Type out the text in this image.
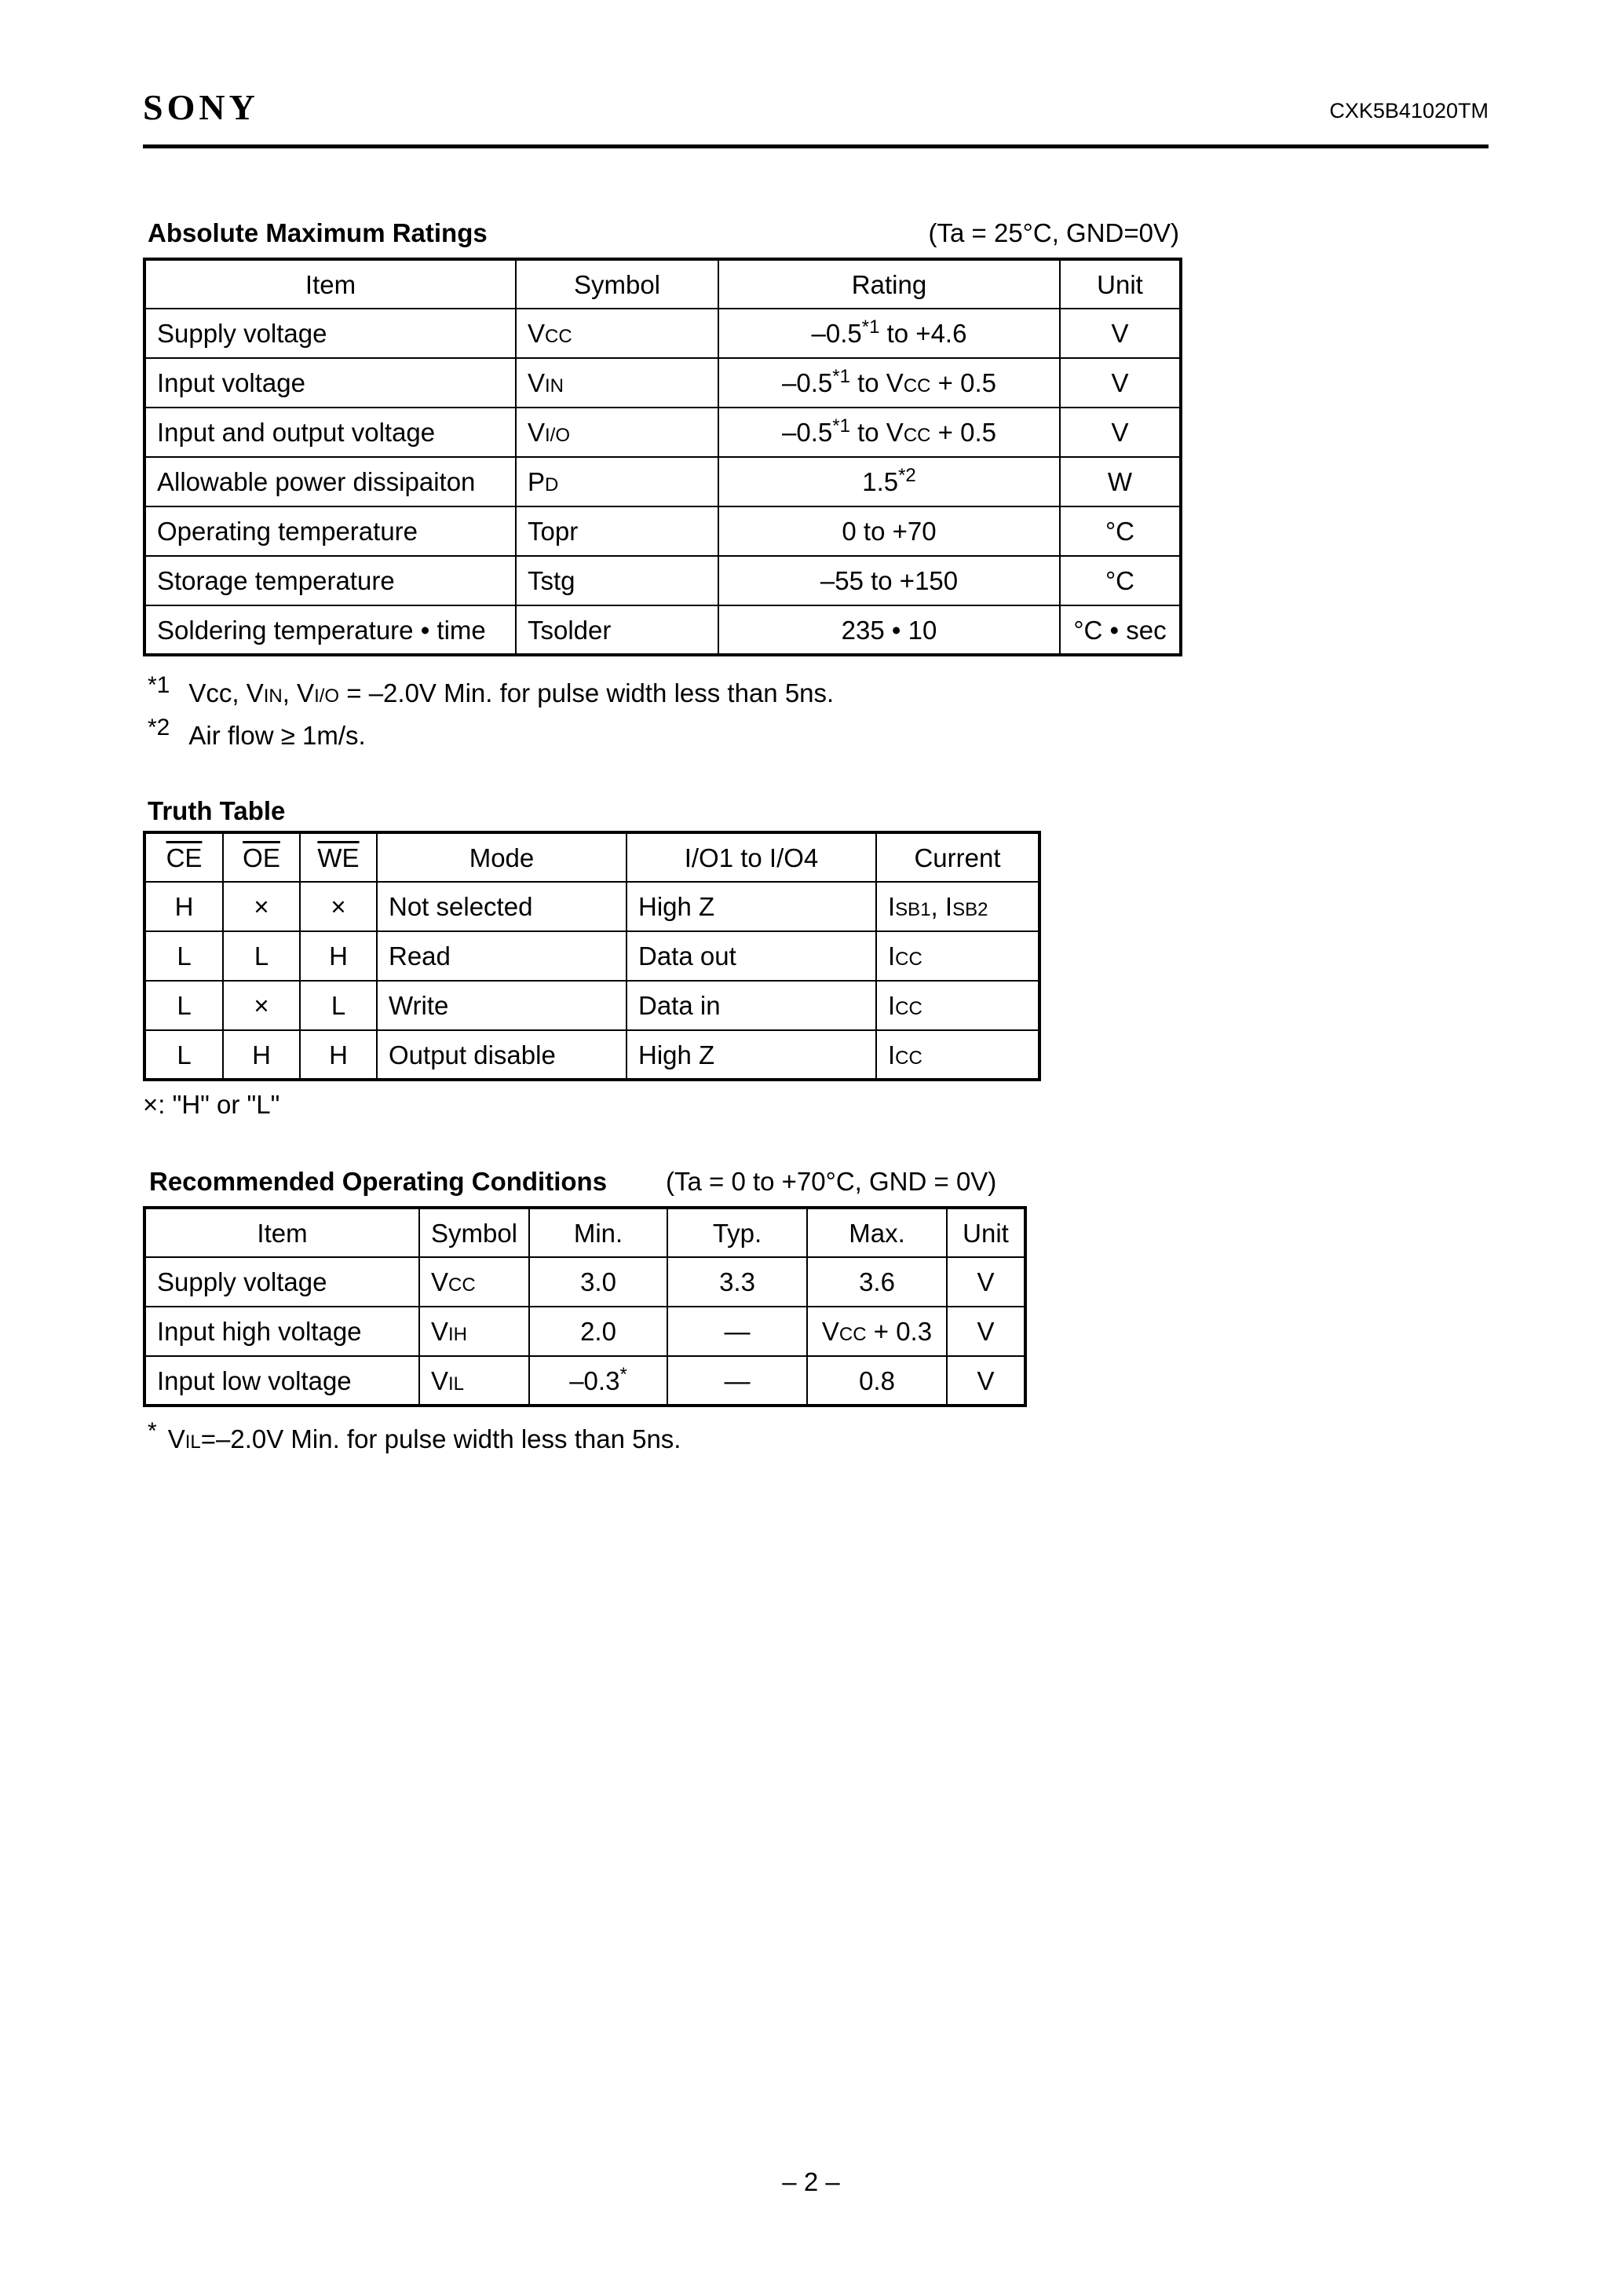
SONY	CXK5B41020TM
Absolute Maximum Ratings	(Ta = 25°C, GND=0V)
Item	Symbol	Rating	Unit
Supply voltage	VCC	–0.5$^{*1}$ to +4.6	V
Input voltage	VIN	–0.5$^{*1}$ to VCC + 0.5	V
Input and output voltage	VI/O	–0.5$^{*1}$ to VCC + 0.5	V
Allowable power dissipaiton	PD	1.5$^{*2}$	W
Operating temperature	Topr	0 to +70	°C
Storage temperature	Tstg	–55 to +150	°C
Soldering temperature • time	Tsolder	235 • 10	°C • sec
*1 Vcc, VIN, VI/O = –2.0V Min. for pulse width less than 5ns.
*2 Air flow ≥ 1m/s.
Truth Table
$\overline{CE}$	$\overline{OE}$	$\overline{WE}$	Mode	I/O1 to I/O4	Current
H	×	×	Not selected	High Z	ISB1, ISB2
L	L	H	Read	Data out	ICC
L	×	L	Write	Data in	ICC
L	H	H	Output disable	High Z	ICC
×: "H" or "L"
Recommended Operating Conditions (Ta = 0 to +70°C, GND = 0V)
Item	Symbol	Min.	Typ.	Max.	Unit
Supply voltage	VCC	3.0	3.3	3.6	V
Input high voltage	VIH	2.0	—	VCC + 0.3	V
Input low voltage	VIL	–0.3*	—	0.8	V
* VIL=–2.0V Min. for pulse width less than 5ns.
– 2 –
